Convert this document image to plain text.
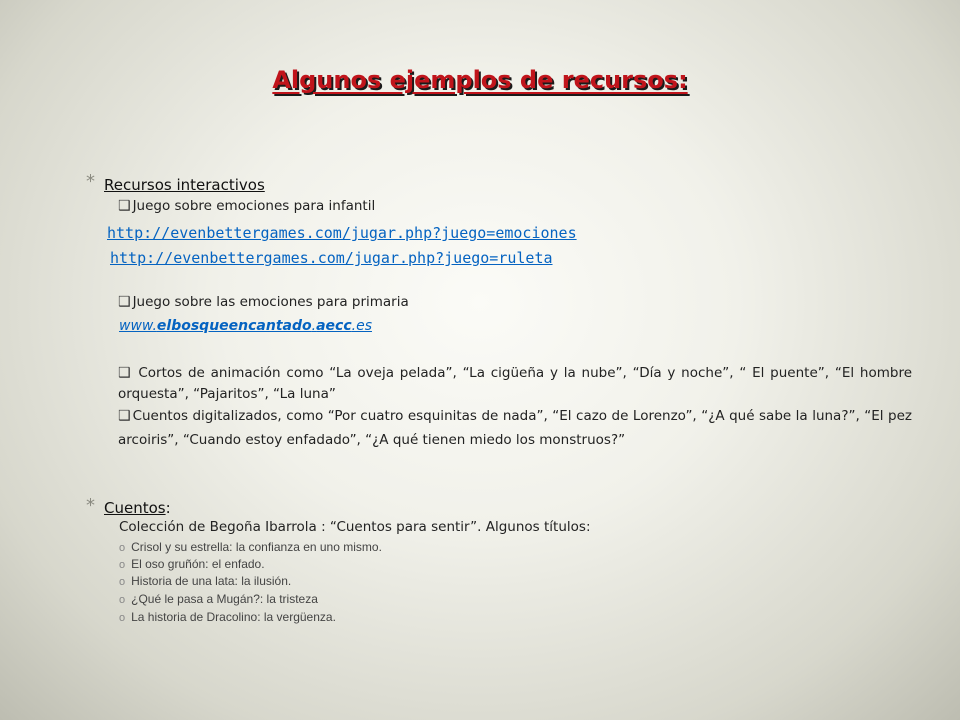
Algunos ejemplos de recursos:
* Recursos interactivos
❑ Juego sobre emociones para infantil
http://evenbettergames.com/jugar.php?juego=emociones
http://evenbettergames.com/jugar.php?juego=ruleta
❑ Juego sobre las emociones para primaria
www.elbosqueencantado.aecc.es
❑ Cortos de animación como “La oveja pelada”, “La cigüeña y la nube”, “Día y noche”, “ El puente”, “El hombre orquesta”, “Pajaritos”, “La luna”
❑ Cuentos digitalizados, como “Por cuatro esquinitas de nada”, “El cazo de Lorenzo”, “¿A qué sabe la luna?”, “El pez arcoiris”, “Cuando estoy enfadado”, “¿A qué tienen miedo los monstruos?”
* Cuentos:
Colección de Begoña Ibarrola : “Cuentos para sentir”. Algunos títulos:
o Crisol y su estrella: la confianza en uno mismo.
o El oso gruñón: el enfado.
o Historia de una lata: la ilusión.
o ¿Qué le pasa a Mugán?: la tristeza
o La historia de Dracolino: la vergüenza.
